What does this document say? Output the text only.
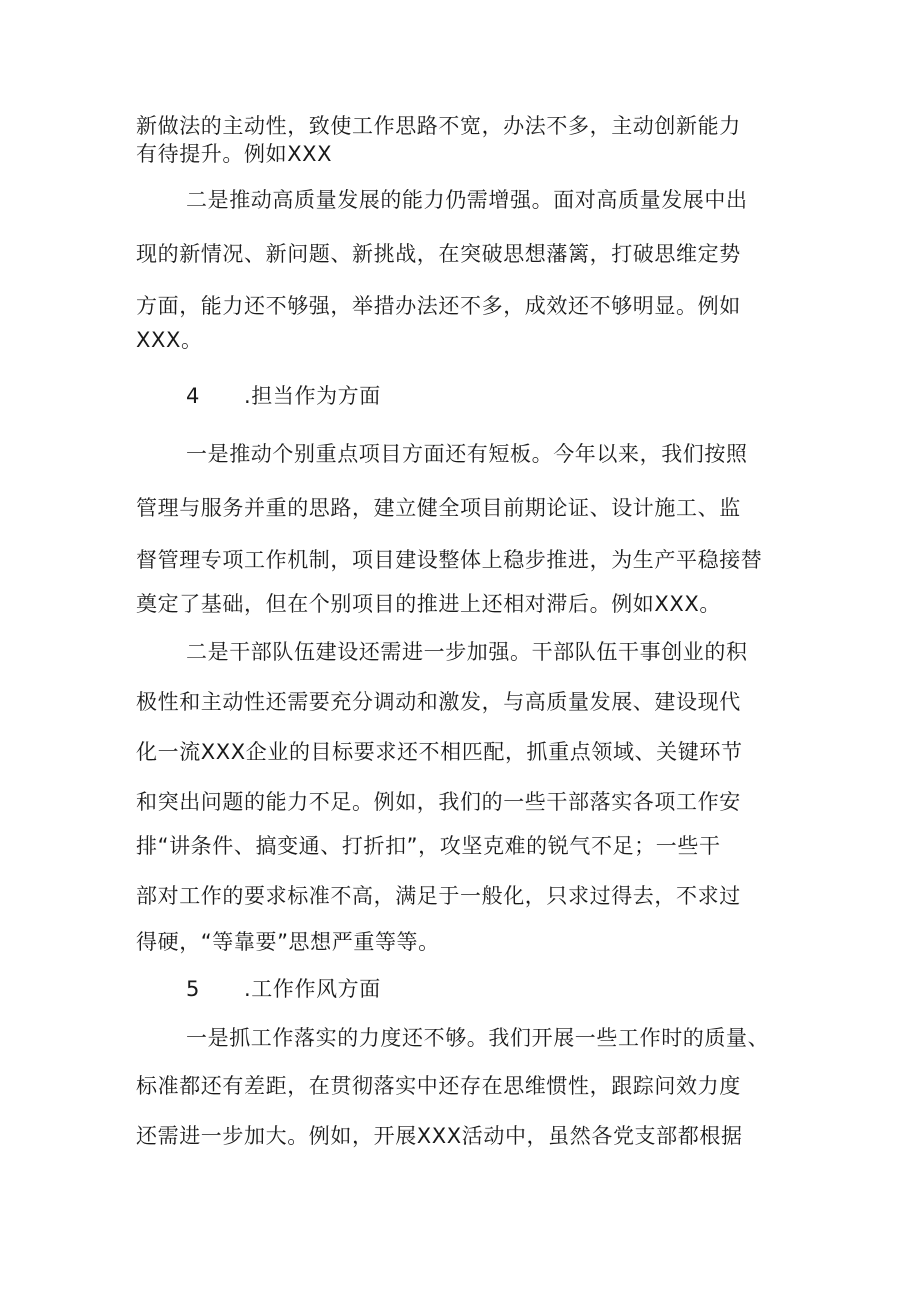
新做法的主动性，致使工作思路不宽，办法不多，主动创新能力
有待提升。例如XXX
二是推动高质量发展的能力仍需增强。面对高质量发展中出
现的新情况、新问题、新挑战，在突破思想藩篱，打破思维定势
方面，能力还不够强，举措办法还不多，成效还不够明显。例如
XXX。
4 .担当作为方面
一是推动个别重点项目方面还有短板。今年以来，我们按照
管理与服务并重的思路，建立健全项目前期论证、设计施工、监
督管理专项工作机制，项目建设整体上稳步推进，为生产平稳接替
奠定了基础，但在个别项目的推进上还相对滞后。例如XXX。
二是干部队伍建设还需进一步加强。干部队伍干事创业的积
极性和主动性还需要充分调动和激发，与高质量发展、建设现代
化一流XXX企业的目标要求还不相匹配，抓重点领域、关键环节
和突出问题的能力不足。例如，我们的一些干部落实各项工作安
排“讲条件、搞变通、打折扣”，攻坚克难的锐气不足；一些干
部对工作的要求标准不高，满足于一般化，只求过得去，不求过
得硬，“等靠要”思想严重等等。
5 .工作作风方面
一是抓工作落实的力度还不够。我们开展一些工作时的质量、
标准都还有差距，在贯彻落实中还存在思维惯性，跟踪问效力度
还需进一步加大。例如，开展XXX活动中，虽然各党支部都根据
